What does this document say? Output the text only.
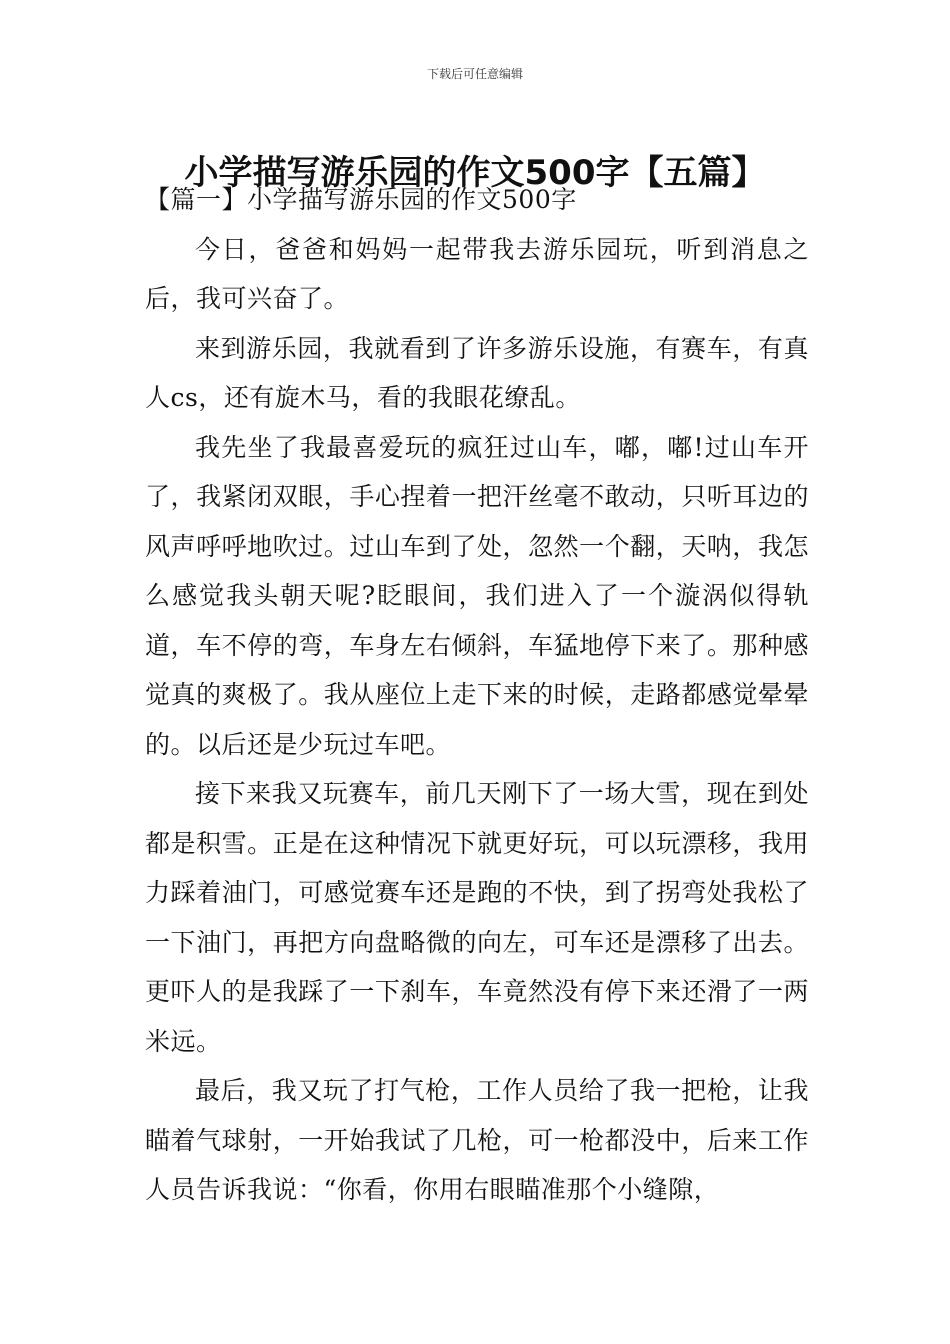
下载后可任意编辑
小学描写游乐园的作文500字【五篇】
【篇一】小学描写游乐园的作文500字

今日，爸爸和妈妈一起带我去游乐园玩，听到消息之后，我可兴奋了。

来到游乐园，我就看到了许多游乐设施，有赛车，有真人cs，还有旋木马，看的我眼花缭乱。

我先坐了我最喜爱玩的疯狂过山车，嘟，嘟!过山车开了，我紧闭双眼，手心捏着一把汗丝毫不敢动，只听耳边的风声呼呼地吹过。过山车到了处，忽然一个翻，天呐，我怎么感觉我头朝天呢?眨眼间，我们进入了一个漩涡似得轨道，车不停的弯，车身左右倾斜，车猛地停下来了。那种感觉真的爽极了。我从座位上走下来的时候，走路都感觉晕晕的。以后还是少玩过车吧。

接下来我又玩赛车，前几天刚下了一场大雪，现在到处都是积雪。正是在这种情况下就更好玩，可以玩漂移，我用力踩着油门，可感觉赛车还是跑的不快，到了拐弯处我松了一下油门，再把方向盘略微的向左，可车还是漂移了出去。更吓人的是我踩了一下刹车，车竟然没有停下来还滑了一两米远。

最后，我又玩了打气枪，工作人员给了我一把枪，让我瞄着气球射，一开始我试了几枪，可一枪都没中，后来工作人员告诉我说：“你看，你用右眼瞄准那个小缝隙，
